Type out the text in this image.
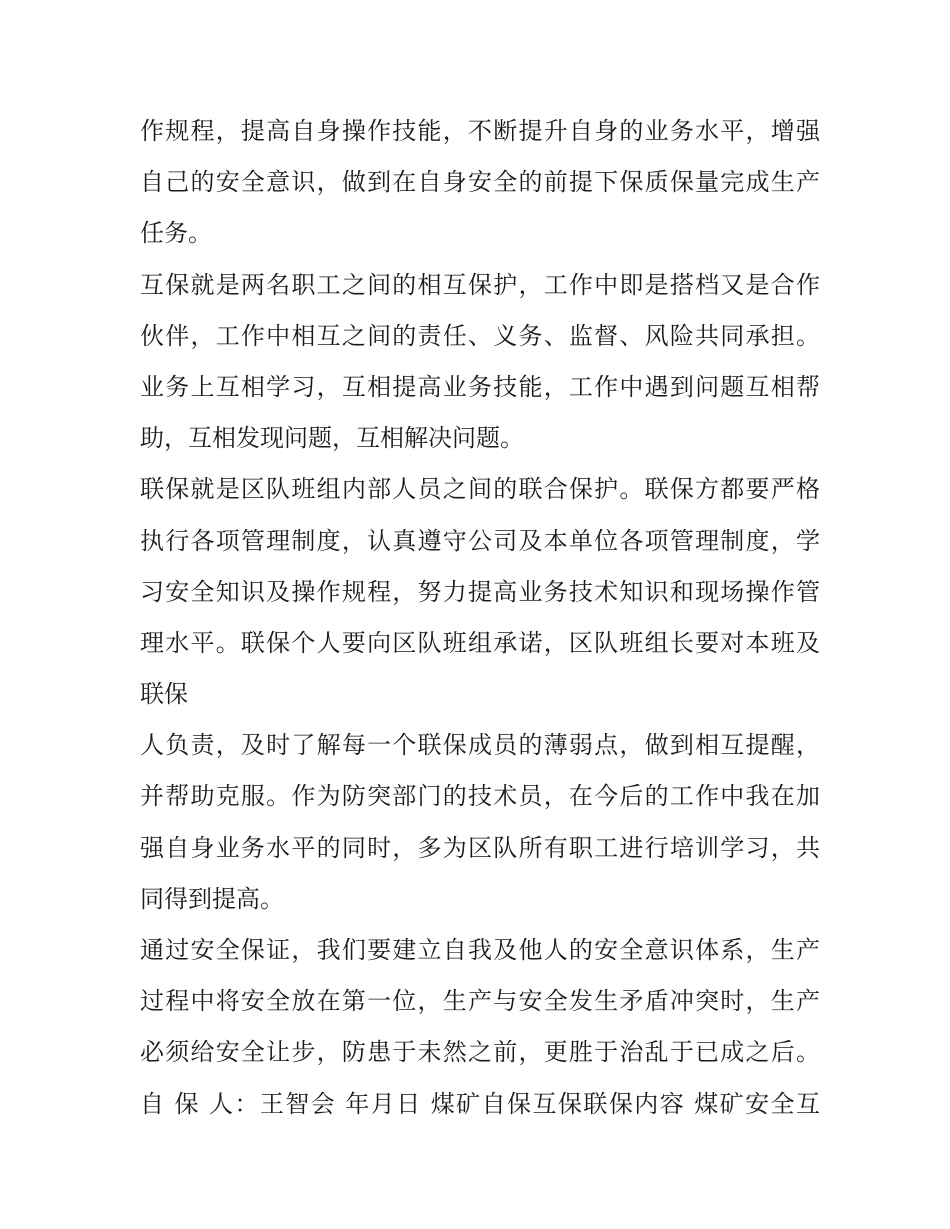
作规程，提高自身操作技能，不断提升自身的业务水平，增强
自己的安全意识，做到在自身安全的前提下保质保量完成生产
任务。
互保就是两名职工之间的相互保护，工作中即是搭档又是合作
伙伴，工作中相互之间的责任、义务、监督、风险共同承担。
业务上互相学习，互相提高业务技能，工作中遇到问题互相帮
助，互相发现问题，互相解决问题。
联保就是区队班组内部人员之间的联合保护。联保方都要严格
执行各项管理制度，认真遵守公司及本单位各项管理制度，学
习安全知识及操作规程，努力提高业务技术知识和现场操作管
理水平。联保个人要向区队班组承诺，区队班组长要对本班及
联保
人负责，及时了解每一个联保成员的薄弱点，做到相互提醒，
并帮助克服。作为防突部门的技术员，在今后的工作中我在加
强自身业务水平的同时，多为区队所有职工进行培训学习，共
同得到提高。
通过安全保证，我们要建立自我及他人的安全意识体系，生产
过程中将安全放在第一位，生产与安全发生矛盾冲突时，生产
必须给安全让步，防患于未然之前，更胜于治乱于已成之后。
自 保 人：王智会 年月日 煤矿自保互保联保内容 煤矿安全互
